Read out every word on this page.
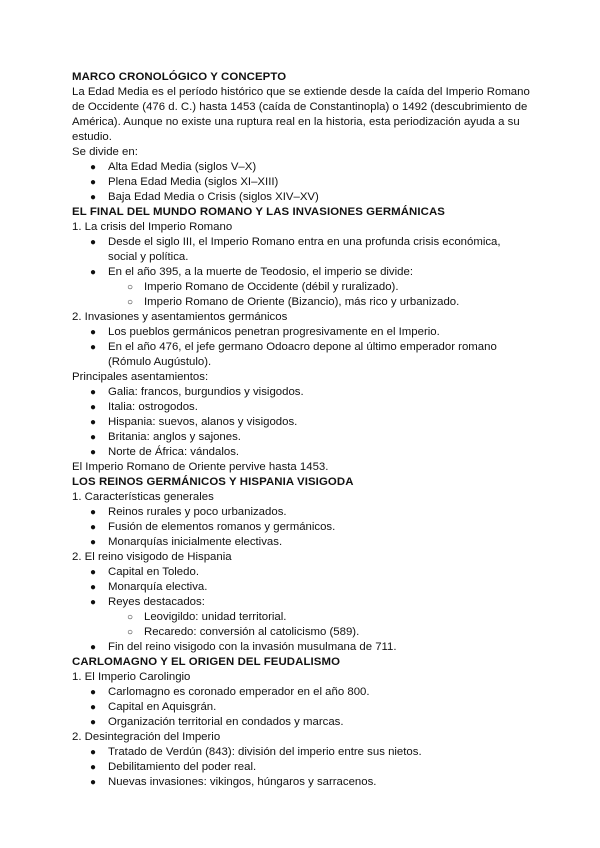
MARCO CRONOLÓGICO Y CONCEPTO
La Edad Media es el período histórico que se extiende desde la caída del Imperio Romano de Occidente (476 d. C.) hasta 1453 (caída de Constantinopla) o 1492 (descubrimiento de América). Aunque no existe una ruptura real en la historia, esta periodización ayuda a su estudio.
Se divide en:
● Alta Edad Media (siglos V–X)
● Plena Edad Media (siglos XI–XIII)
● Baja Edad Media o Crisis (siglos XIV–XV)
EL FINAL DEL MUNDO ROMANO Y LAS INVASIONES GERMÁNICAS
1. La crisis del Imperio Romano
● Desde el siglo III, el Imperio Romano entra en una profunda crisis económica, social y política.
● En el año 395, a la muerte de Teodosio, el imperio se divide:
○ Imperio Romano de Occidente (débil y ruralizado).
○ Imperio Romano de Oriente (Bizancio), más rico y urbanizado.
2. Invasiones y asentamientos germánicos
● Los pueblos germánicos penetran progresivamente en el Imperio.
● En el año 476, el jefe germano Odoacro depone al último emperador romano (Rómulo Augústulo).
Principales asentamientos:
● Galia: francos, burgundios y visigodos.
● Italia: ostrogodos.
● Hispania: suevos, alanos y visigodos.
● Britania: anglos y sajones.
● Norte de África: vándalos.
El Imperio Romano de Oriente pervive hasta 1453.
LOS REINOS GERMÁNICOS Y HISPANIA VISIGODA
1. Características generales
● Reinos rurales y poco urbanizados.
● Fusión de elementos romanos y germánicos.
● Monarquías inicialmente electivas.
2. El reino visigodo de Hispania
● Capital en Toledo.
● Monarquía electiva.
● Reyes destacados:
○ Leovigildo: unidad territorial.
○ Recaredo: conversión al catolicismo (589).
● Fin del reino visigodo con la invasión musulmana de 711.
CARLOMAGNO Y EL ORIGEN DEL FEUDALISMO
1. El Imperio Carolingio
● Carlomagno es coronado emperador en el año 800.
● Capital en Aquisgrán.
● Organización territorial en condados y marcas.
2. Desintegración del Imperio
● Tratado de Verdún (843): división del imperio entre sus nietos.
● Debilitamiento del poder real.
● Nuevas invasiones: vikingos, húngaros y sarracenos.
